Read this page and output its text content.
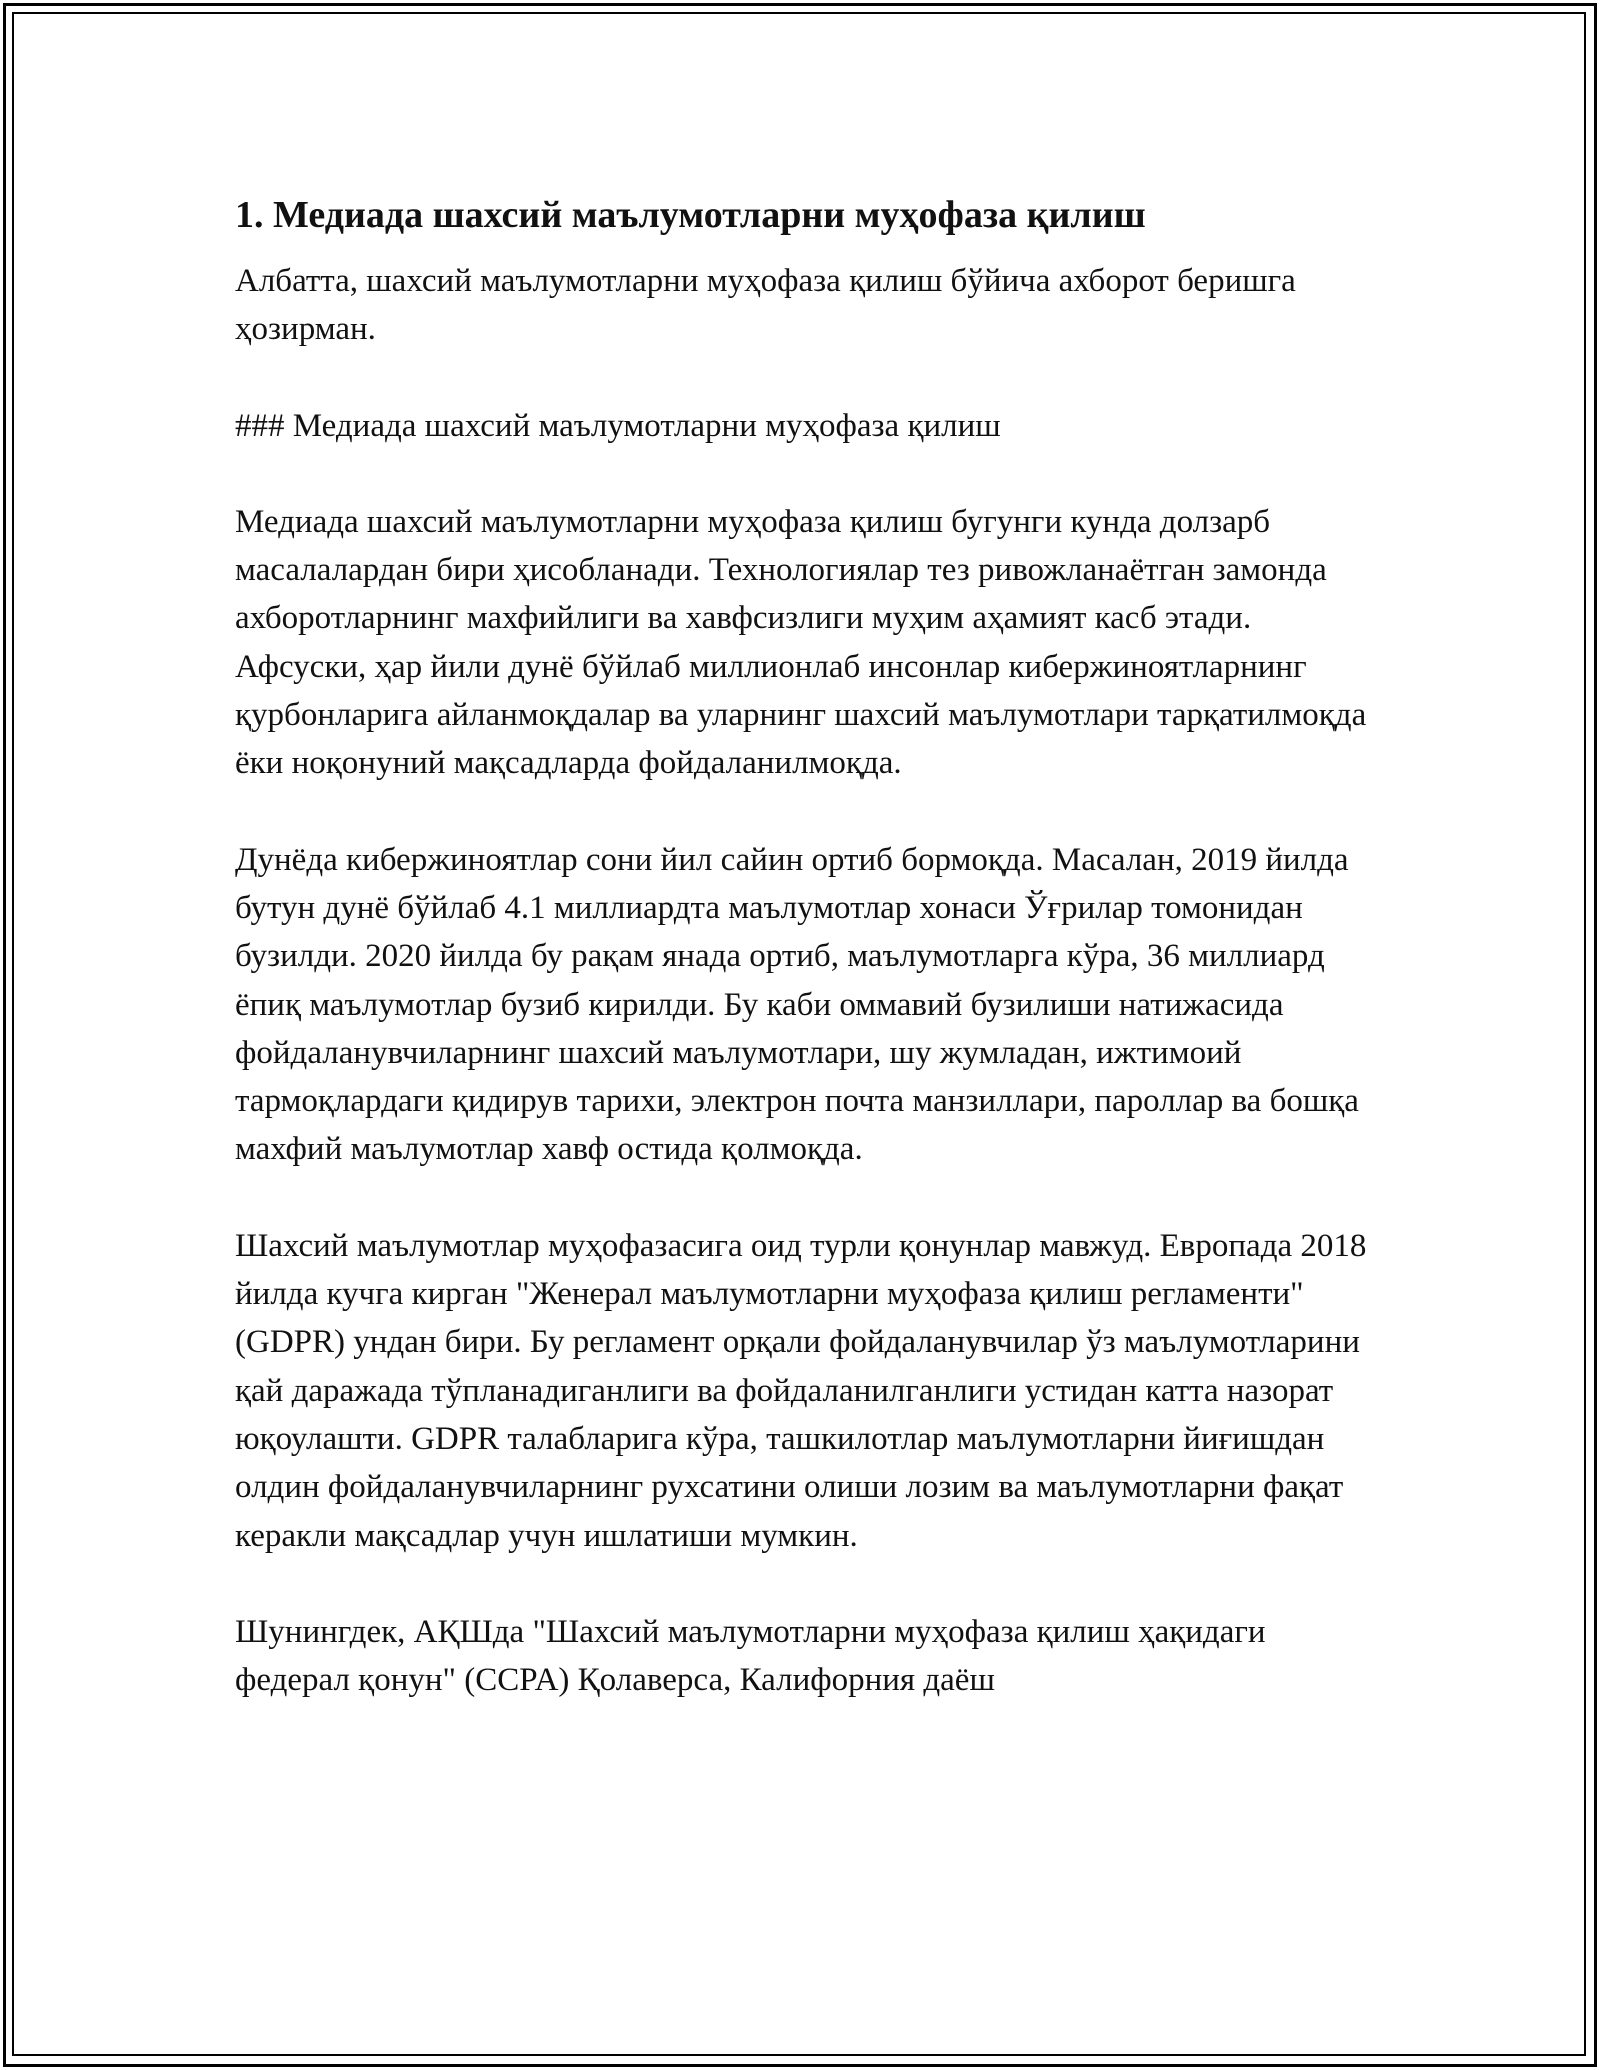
1. Медиада шахсий маълумотларни муҳофаза қилиш

Албатта, шахсий маълумотларни муҳофаза қилиш бўйича ахборот беришга ҳозирман.

### Медиада шахсий маълумотларни муҳофаза қилиш

Медиада шахсий маълумотларни муҳофаза қилиш бугунги кунда долзарб масалалардан бири ҳисобланади. Технологиялар тез ривожланаётган замонда ахборотларнинг махфийлиги ва хавфсизлиги муҳим аҳамият касб этади. Афсуски, ҳар йили дунё бўйлаб миллионлаб инсонлар кибержиноятларнинг қурбонларига айланмоқдалар ва уларнинг шахсий маълумотлари тарқатилмоқда ёки ноқонуний мақсадларда фойдаланилмоқда.

Дунёда кибержиноятлар сони йил сайин ортиб бормоқда. Масалан, 2019 йилда бутун дунё бўйлаб 4.1 миллиардта маълумотлар хонаси Ўғрилар томонидан бузилди. 2020 йилда бу рақам янада ортиб, маълумотларга кўра, 36 миллиард ёпиқ маълумотлар бузиб кирилди. Бу каби оммавий бузилиши натижасида фойдаланувчиларнинг шахсий маълумотлари, шу жумладан, ижтимоий тармоқлардаги қидирув тарихи, электрон почта манзиллари, пароллар ва бошқа махфий маълумотлар хавф остида қолмоқда.

Шахсий маълумотлар муҳофазасига оид турли қонунлар мавжуд. Европада 2018 йилда кучга кирган "Женерал маълумотларни муҳофаза қилиш регламенти" (GDPR) ундан бири. Бу регламент орқали фойдаланувчилар ўз маълумотларини қай даражада тўпланадиганлиги ва фойдаланилганлиги устидан катта назорат юқоулашти. GDPR талабларига кўра, ташкилотлар маълумотларни йиғишдан олдин фойдаланувчиларнинг рухсатини олиши лозим ва маълумотларни фақат керакли мақсадлар учун ишлатиши мумкин.

Шунингдек, АҚШда "Шахсий маълумотларни муҳофаза қилиш ҳақидаги федерал қонун" (CCPA) Қолаверса, Калифорния даёш
